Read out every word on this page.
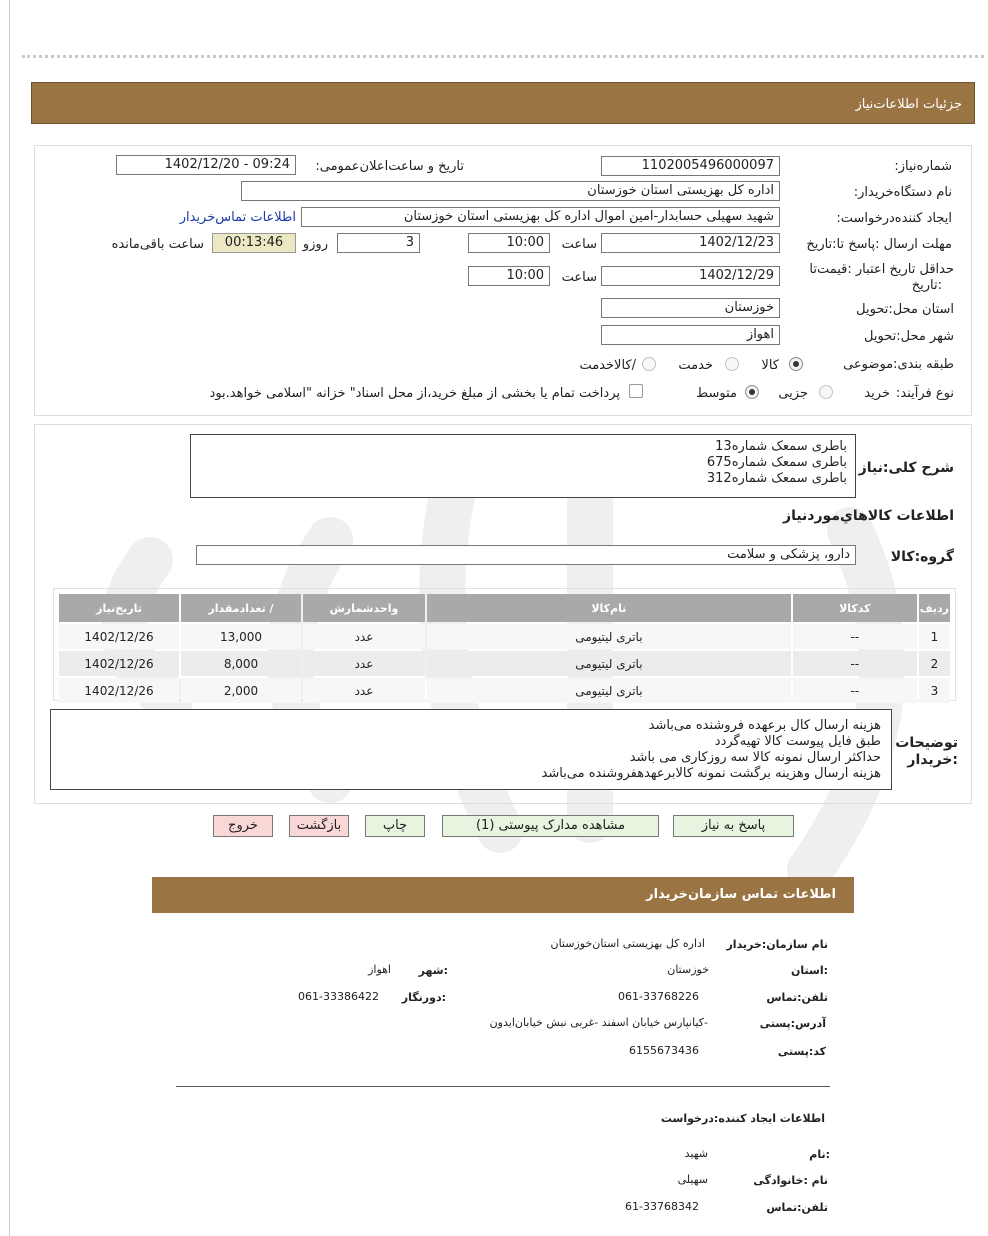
جزئیات اطلاعات‌نیاز
شماره‌نیاز:
1102005496000097
تاریخ و ساعت‌اعلان‌عمومی:
1402/12/20 - 09:24
نام دستگاه‌خریدار:
اداره کل بهزیستی استان خوزستان
ایجاد کننده‌درخواست:
شهید سهیلی حسابدار-امین اموال اداره کل بهزیستی استان خوزستان
اطلاعات تماس‌خریدار
مهلت ارسال :پاسخ تا:تاریخ
1402/12/23
ساعت
10:00
3
روزو
00:13:46
ساعت باقی‌مانده
حداقل تاریخ اعتبار :قیمت‌تا
:تاریخ
1402/12/29
ساعت
10:00
استان محل:تحویل
خوزستان
شهر محل:تحویل
اهواز
طبقه بندی:موضوعی
کالا
خدمت
/کالاخدمت
نوع فرآیند:
خرید
جزیی
متوسط
پرداخت تمام یا بخشی از مبلغ خرید،از محل اسناد" خزانه "اسلامی خواهد.بود
شرح کلی:نیاز
باطری سمعک شماره13
باطری سمعک شماره675
باطری سمعک شماره312
اطلاعات کالاهاي‌موردنیاز
گروه:کالا
دارو، پزشکی و سلامت
ردیف	کدکالا	نام‌کالا	واحدشمارش	/ تعدادمقدار	تاریخ‌نیاز
1	--	باتری لیتیومی	عدد	13,000	1402/12/26
2	--	باتری لیتیومی	عدد	8,000	1402/12/26
3	--	باتری لیتیومی	عدد	2,000	1402/12/26
توضیحات
:خریدار
هزینه ارسال کال برعهده فروشنده می‌باشد
طبق فایل پیوست کالا تهیه‌گردد
حداکثر ارسال نمونه کالا سه روزکاری می باشد
هزینه ارسال وهزینه برگشت نمونه کالابرعهدهفروشنده می‌باشد
پاسخ به نیاز
مشاهده مدارک پیوستی (1)
چاپ
بازگشت
خروج
اطلاعات تماس سازمان‌خریدار
نام سازمان:خریدار
اداره کل بهزیستی استان‌خوزستان
:استان
خوزستان
:شهر
اهواز
تلفن:تماس
061-33768226
:دورنگار
061-33386422
آدرس:پستی
-کیانپارس خیابان اسفند -غربی نبش خیابان‌ایدون
کد:پستی
6155673436
اطلاعات ایجاد کننده:درخواست
:نام
شهید
نام :خانوادگی
سهیلی
تلفن:تماس
61-33768342
